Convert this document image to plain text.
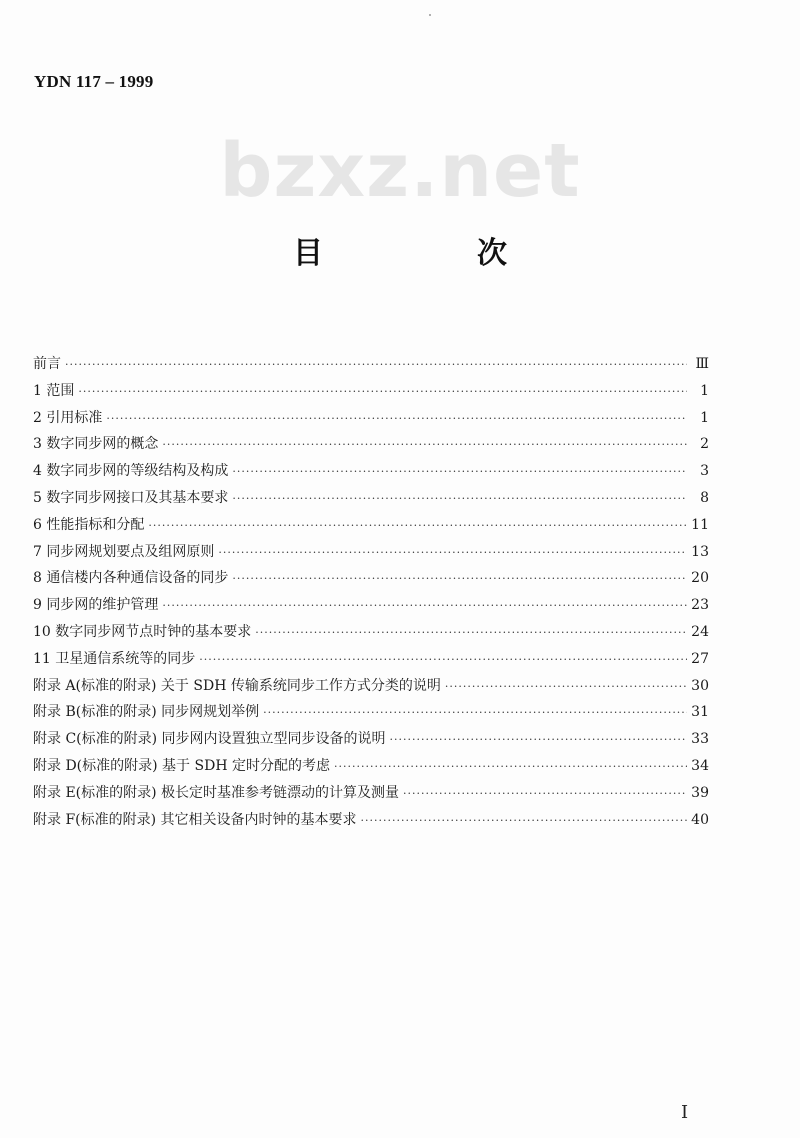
YDN 117 – 1999
bzxz.net
目　次
前言 ·····	Ⅲ
1 范围 ·····	1
2 引用标准 ·····	1
3 数字同步网的概念 ·····	2
4 数字同步网的等级结构及构成 ·····	3
5 数字同步网接口及其基本要求 ·····	8
6 性能指标和分配 ·····	11
7 同步网规划要点及组网原则 ·····	13
8 通信楼内各种通信设备的同步 ·····	20
9 同步网的维护管理 ·····	23
10 数字同步网节点时钟的基本要求 ·····	24
11 卫星通信系统等的同步 ·····	27
附录 A(标准的附录) 关于 SDH 传输系统同步工作方式分类的说明 ·····	30
附录 B(标准的附录) 同步网规划举例 ·····	31
附录 C(标准的附录) 同步网内设置独立型同步设备的说明 ·····	33
附录 D(标准的附录) 基于 SDH 定时分配的考虑 ·····	34
附录 E(标准的附录) 极长定时基准参考链漂动的计算及测量 ·····	39
附录 F(标准的附录) 其它相关设备内时钟的基本要求 ·····	40
I
